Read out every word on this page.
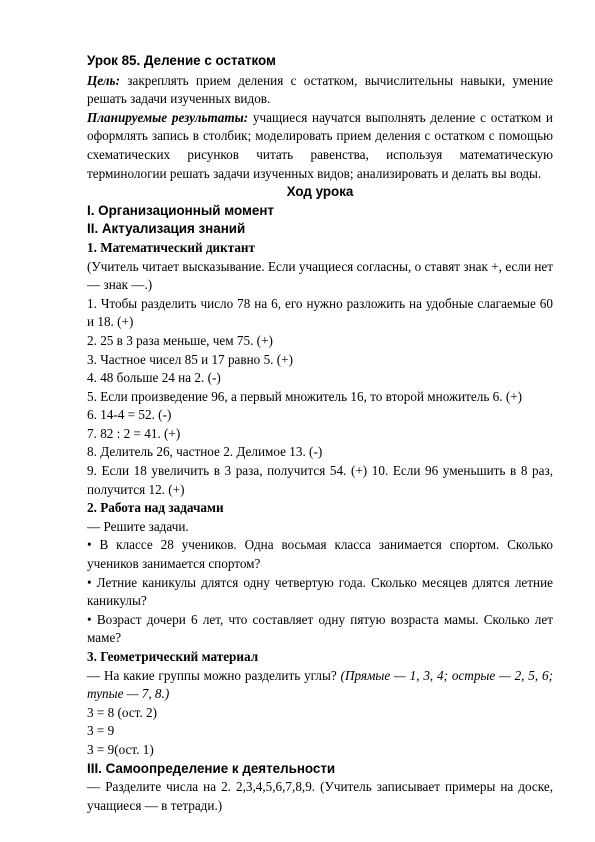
Урок 85. Деление с остатком

Цель: закреплять прием деления с остатком, вычислительны навыки, умение решать задачи изученных видов.

Планируемые результаты: учащиеся научатся выполнять деление с остатком и оформлять запись в столбик; моделировать прием деления с остатком с помощью схематических рисунков читать равенства, используя математическую терминологии решать задачи изученных видов; анализировать и делать вы воды.

Ход урока

I. Организационный момент

II. Актуализация знаний

1. Математический диктант

(Учитель читает высказывание. Если учащиеся согласны, о ставят знак +, если нет — знак —.)

1. Чтобы разделить число 78 на 6, его нужно разложить на удобные слагаемые 60 и 18. (+)

2. 25 в 3 раза меньше, чем 75. (+)

3. Частное чисел 85 и 17 равно 5. (+)

4. 48 больше 24 на 2. (-)

5. Если произведение 96, а первый множитель 16, то второй множитель 6. (+)

6. 14-4 = 52. (-)

7. 82 : 2 = 41. (+)

8. Делитель 26, частное 2. Делимое 13. (-)

9. Если 18 увеличить в 3 раза, получится 54. (+) 10. Если 96 уменьшить в 8 раз, получится 12. (+)

2. Работа над задачами

— Решите задачи.

• В классе 28 учеников. Одна восьмая класса занимается спортом. Сколько учеников занимается спортом?

• Летние каникулы длятся одну четвертую года. Сколько месяцев длятся летние каникулы?

• Возраст дочери 6 лет, что составляет одну пятую возраста мамы. Сколько лет маме?

3. Геометрический материал

— На какие группы можно разделить углы? (Прямые — 1, 3, 4; острые — 2, 5, 6; тупые — 7, 8.)

3 = 8 (ост. 2)

3 = 9

3 = 9(ост. 1)

III. Самоопределение к деятельности

— Разделите числа на 2. 2,3,4,5,6,7,8,9. (Учитель записывает примеры на доске, учащиеся — в тетради.)
